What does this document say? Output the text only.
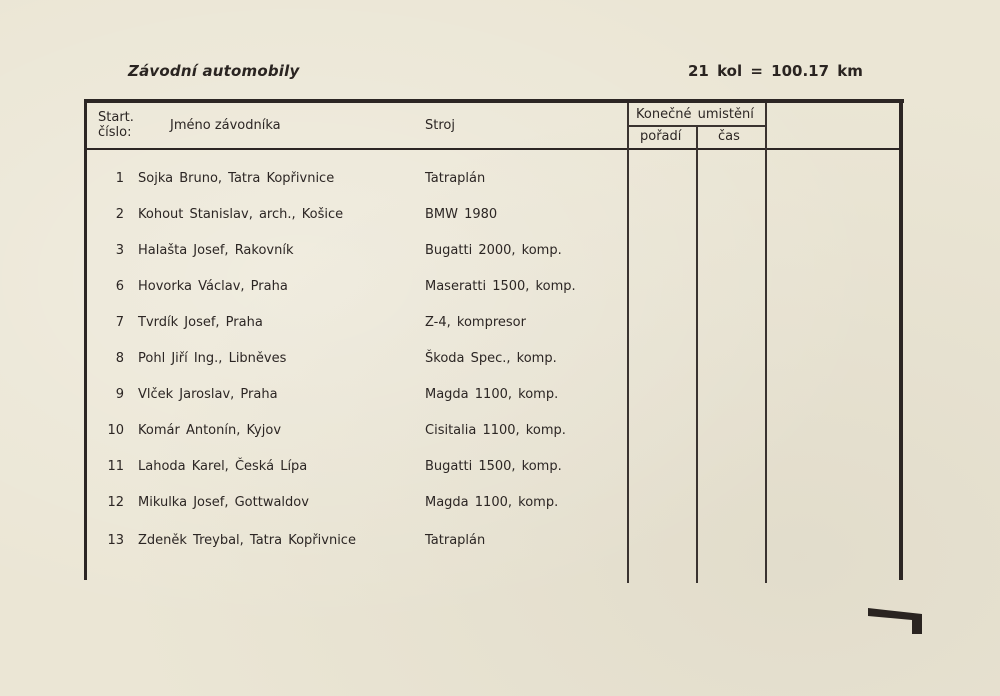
Závodní automobily	21 kol = 100.17 km
Start.
číslo:	Jméno závodníka	Stroj
Konečné umistění
pořadí	čas
1 Sojka Bruno, Tatra Kopřivnice	Tatraplán
2 Kohout Stanislav, arch., Košice	BMW 1980
3 Halašta Josef, Rakovník	Bugatti 2000, komp.
6 Hovorka Václav, Praha	Maseratti 1500, komp.
7 Tvrdík Josef, Praha	Z-4, kompresor
8 Pohl Jiří Ing., Libněves	Škoda Spec., komp.
9 Vlček Jaroslav, Praha	Magda 1100, komp.
10 Komár Antonín, Kyjov	Cisitalia 1100, komp.
11 Lahoda Karel, Česká Lípa	Bugatti 1500, komp.
12 Mikulka Josef, Gottwaldov	Magda 1100, komp.
13 Zdeněk Treybal, Tatra Kopřivnice	Tatraplán
